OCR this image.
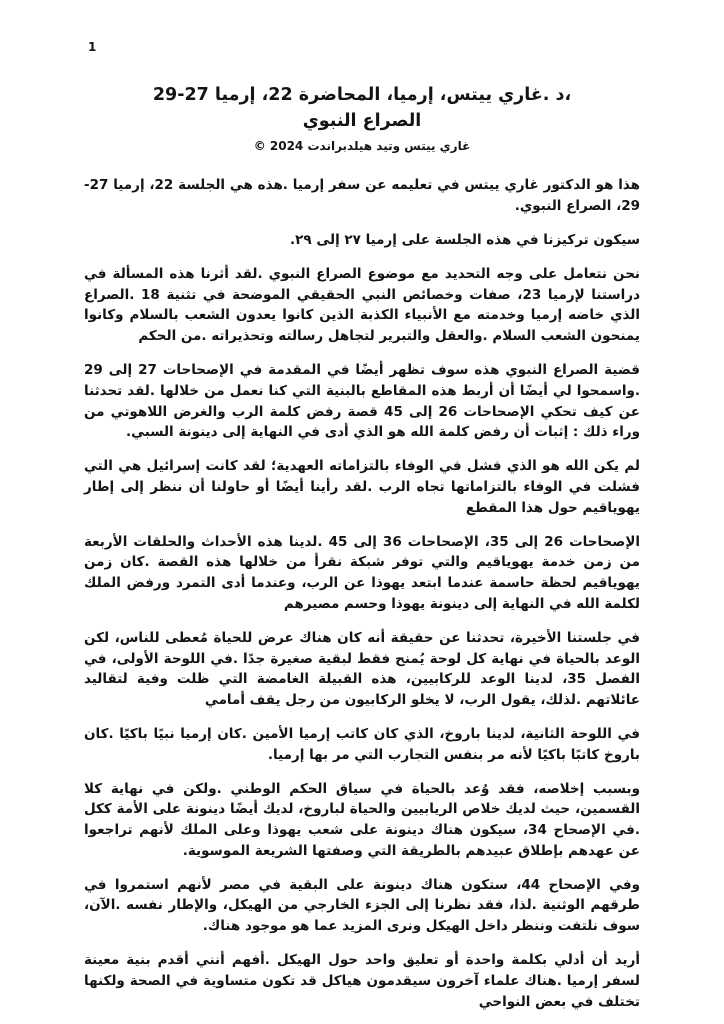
1
،د .غاري ييتس، إرميا، المحاضرة 22، إرميا 27-29
الصراع النبوي
غاري ييتس وتيد هيلدبراندت 2024 ©

هذا هو الدكتور غاري ييتس في تعليمه عن سفر إرميا .هذه هي الجلسة 22، إرميا 27-29، الصراع النبوي.

سيكون تركيزنا في هذه الجلسة على إرميا ٢٧ إلى ٢٩.

نحن نتعامل على وجه التحديد مع موضوع الصراع النبوي .لقد أثرنا هذه المسألة في دراستنا لإرميا 23، صفات وخصائص النبي الحقيقي الموضحة في تثنية 18 .الصراع الذي خاضه إرميا وخدمته مع الأنبياء الكذبة الذين كانوا يعدون الشعب بالسلام وكانوا يمنحون الشعب السلام .والعقل والتبرير لتجاهل رسالته وتحذيراته .من الحكم

قضية الصراع النبوي هذه سوف تظهر أيضًا في المقدمة في الإصحاحات 27 إلى 29 .واسمحوا لي أيضًا أن أربط هذه المقاطع بالبنية التي كنا نعمل من خلالها .لقد تحدثنا عن كيف تحكي الإصحاحات 26 إلى 45 قصة رفض كلمة الرب والغرض اللاهوتي من وراء ذلك : إثبات أن رفض كلمة الله هو الذي أدى في النهاية إلى دينونة السبي.

لم يكن الله هو الذي فشل في الوفاء بالتزاماته العهدية؛ لقد كانت إسرائيل هي التي فشلت في الوفاء بالتزاماتها تجاه الرب .لقد رأينا أيضًا أو حاولنا أن ننظر إلى إطار يهوياقيم حول هذا المقطع

الإصحاحات 26 إلى 35، الإصحاحات 36 إلى 45 .لدينا هذه الأحداث والحلقات الأربعة من زمن خدمة يهوياقيم والتي توفر شبكة نقرأ من خلالها هذه القصة .كان زمن يهوياقيم لحظة حاسمة عندما ابتعد يهوذا عن الرب، وعندما أدى التمرد ورفض الملك لكلمة الله في النهاية إلى دينونة يهوذا وحسم مصيرهم

في جلستنا الأخيرة، تحدثنا عن حقيقة أنه كان هناك عرض للحياة مُعطى للناس، لكن الوعد بالحياة في نهاية كل لوحة يُمنح فقط لبقية صغيرة جدًا .في اللوحة الأولى، في الفصل 35، لدينا الوعد للركابيين، هذه القبيلة الغامضة التي ظلت وفية لتقاليد عائلاتهم .لذلك، يقول الرب، لا يخلو الركابيون من رجل يقف أمامي

في اللوحة الثانية، لدينا باروخ، الذي كان كاتب إرميا الأمين .كان إرميا نبيًا باكيًا .كان باروخ كاتبًا باكيًا لأنه مر بنفس التجارب التي مر بها إرميا.

وبسبب إخلاصه، فقد وُعد بالحياة في سياق الحكم الوطني .ولكن في نهاية كلا القسمين، حيث لديك خلاص الريابيين والحياة لباروخ، لديك أيضًا دينونة على الأمة ككل .في الإصحاح 34، سيكون هناك دينونة على شعب يهوذا وعلى الملك لأنهم تراجعوا عن عهدهم بإطلاق عبيدهم بالطريقة التي وصفتها الشريعة الموسوية.

وفي الإصحاح 44، ستكون هناك دينونة على البقية في مصر لأنهم استمروا في طرقهم الوثنية .لذا، فقد نظرنا إلى الجزء الخارجي من الهيكل، والإطار نفسه .الآن، سوف نلتفت وننظر داخل الهيكل ونرى المزيد عما هو موجود هناك.

أريد أن أدلي بكلمة واحدة أو تعليق واحد حول الهيكل .أفهم أنني أقدم بنية معينة لسفر إرميا .هناك علماء آخرون سيقدمون هياكل قد تكون متساوية في الصحة ولكنها تختلف في بعض النواحي
